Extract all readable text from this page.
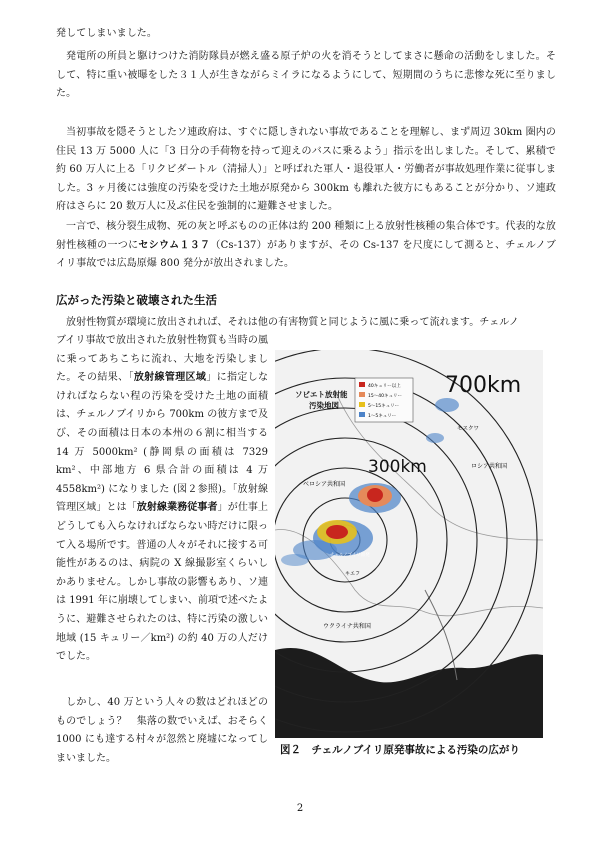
発してしまいました。

発電所の所員と駆けつけた消防隊員が燃え盛る原子炉の火を消そうとしてまさに懸命の活動をしました。そして、特に重い被曝をした３１人が生きながらミイラになるようにして、短期間のうちに悲惨な死に至りました。

当初事故を隠そうとしたソ連政府は、すぐに隠しきれない事故であることを理解し、まず周辺 30km 圏内の住民 13 万 5000 人に「3 日分の手荷物を持って迎えのバスに乗るよう」指示を出しました。そして、累積で約 60 万人に上る「リクビダートル（清掃人）」と呼ばれた軍人・退役軍人・労働者が事故処理作業に従事しました。3 ヶ月後には強度の汚染を受けた土地が原発から 300km も離れた彼方にもあることが分かり、ソ連政府はさらに 20 数万人に及ぶ住民を強制的に避難させました。

一言で、核分裂生成物、死の灰と呼ぶものの正体は約 200 種類に上る放射性核種の集合体です。代表的な放射性核種の一つにセシウム１３７（Cs-137）がありますが、その Cs-137 を尺度にして測ると、チェルノブイリ事故では広島原爆 800 発分が放出されました。

広がった汚染と破壊された生活

放射性物質が環境に放出されれば、それは他の有害物質と同じように風に乗って流れます。チェルノ

ブイリ事故で放出された放射性物質も当時の風に乗ってあちこちに流れ、大地を汚染しました。その結果、「放射線管理区域」に指定しなければならない程の汚染を受けた土地の面積は、チェルノブイリから 700km の彼方まで及び、その面積は日本の本州の６割に相当する 14 万 5000km² (静岡県の面積は 7329 km²、中部地方 6 県合計の面積は 4 万 4558km²) になりました (図２参照)。「放射線管理区域」とは「放射線業務従事者」が仕事上どうしても入らなければならない時だけに限って入る場所です。普通の人々がそれに接する可能性があるのは、病院の X 線撮影室くらいしかありません。しかし事故の影響もあり、ソ連は 1991 年に崩壊してしまい、前項で述べたように、避難させられたのは、特に汚染の激しい地域 (15 キュリー／km²) の約 40 万の人だけでした。

しかし、40 万という人々の数はどれほどのものでしょう？　集落の数でいえば、おそらく 1000 にも達する村々が忽然と廃墟になってしまいました。

ソビエト放射能
汚染地図
40キュリー以上
15～40キュリー
5～15キュリー
1～5キュリー
700km
300km
モスクワ
ロシア共和国
ベロシア共和国
ウクライナ共和国
チェルノブイリ原発
キエフ

図２　チェルノブイリ原発事故による汚染の広がり

2
